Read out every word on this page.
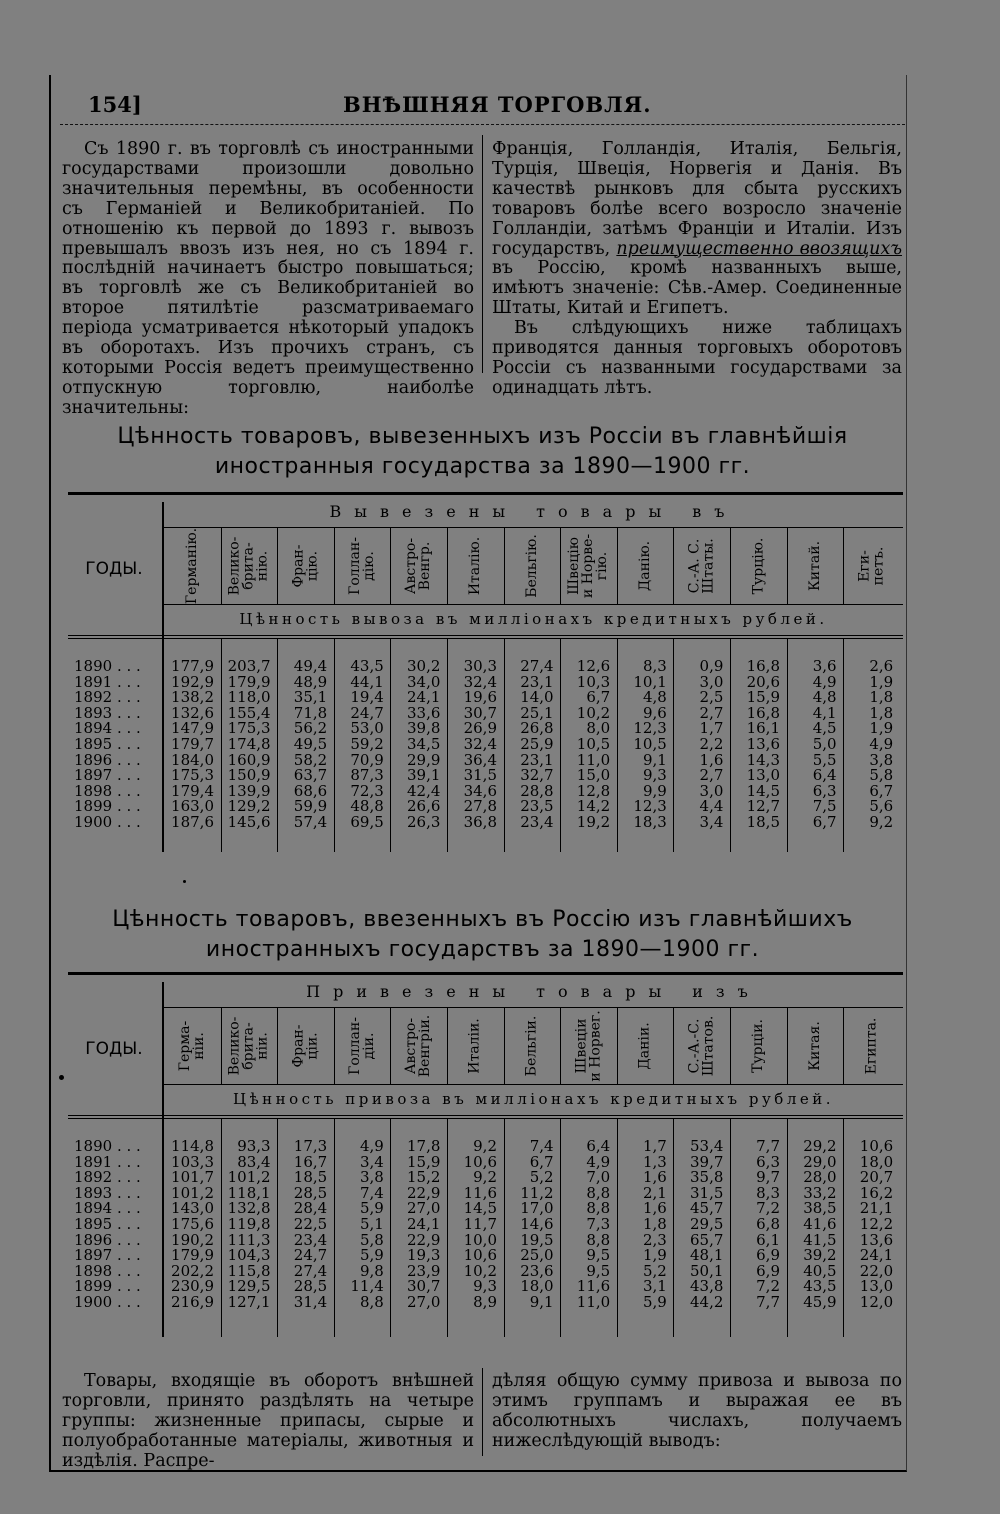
154]	ВНѢШНЯЯ ТОРГОВЛЯ.

Съ 1890 г. въ торговлѣ съ иностранными государствами произошли довольно значительныя перемѣны, въ особенности съ Германіей и Великобританіей. По отношенію къ первой до 1893 г. вывозъ превышалъ ввозъ изъ нея, но съ 1894 г. послѣдній начинаетъ быстро повышаться; въ торговлѣ же съ Великобританіей во второе пятилѣтіе разсматриваемаго періода усматривается нѣкоторый упадокъ въ оборотахъ. Изъ прочихъ странъ, съ которыми Россія ведетъ преимущественно отпускную торговлю, наиболѣе значительны:

Франція, Голландія, Италія, Бельгія, Турція, Швеція, Норвегія и Данія. Въ качествѣ рынковъ для сбыта русскихъ товаровъ болѣе всего возросло значеніе Голландіи, затѣмъ Франціи и Италіи. Изъ государствъ, преимущественно ввозящихъ въ Россію, кромѣ названныхъ выше, имѣютъ значеніе: Сѣв.-Амер. Соединенные Штаты, Китай и Египетъ.

Въ слѣдующихъ ниже таблицахъ приводятся данныя торговыхъ оборотовъ Россіи съ названными государствами за одинадцать лѣтъ.

Цѣнность товаровъ, вывезенныхъ изъ Россіи въ главнѣйшія иностранныя государства за 1890—1900 гг.
Вывезены товары въ
ГОДЫ.
Цѣнность вывоза въ милліонахъ кредитныхъ рублей.
1890 . . .
1891 . . .
1892 . . .
1893 . . .
1894 . . .
1895 . . .
1896 . . .
1897 . . .
1898 . . .
1899 . . .
1900 . . .
Германію.
177,9
192,9
138,2
132,6
147,9
179,7
184,0
175,3
179,4
163,0
187,6
Велико-
брита-
нію.
203,7
179,9
118,0
155,4
175,3
174,8
160,9
150,9
139,9
129,2
145,6
Фран-
цію.
49,4
48,9
35,1
71,8
56,2
49,5
58,2
63,7
68,6
59,9
57,4
Голлан-
дію.
43,5
44,1
19,4
24,7
53,0
59,2
70,9
87,3
72,3
48,8
69,5
Австро-
Венгр.
30,2
34,0
24,1
33,6
39,8
34,5
29,9
39,1
42,4
26,6
26,3
Италію.
30,3
32,4
19,6
30,7
26,9
32,4
36,4
31,5
34,6
27,8
36,8
Бельгію.
27,4
23,1
14,0
25,1
26,8
25,9
23,1
32,7
28,8
23,5
23,4
Швецію
и Норве-
гію.
12,6
10,3
6,7
10,2
8,0
10,5
11,0
15,0
12,8
14,2
19,2
Данію.
8,3
10,1
4,8
9,6
12,3
10,5
9,1
9,3
9,9
12,3
18,3
С.-А. С.
Штаты.
0,9
3,0
2,5
2,7
1,7
2,2
1,6
2,7
3,0
4,4
3,4
Турцію.
16,8
20,6
15,9
16,8
16,1
13,6
14,3
13,0
14,5
12,7
18,5
Китай.
3,6
4,9
4,8
4,1
4,5
5,0
5,5
6,4
6,3
7,5
6,7
Еги-
петъ.
2,6
1,9
1,8
1,8
1,9
4,9
3,8
5,8
6,7
5,6
9,2
Цѣнность товаровъ, ввезенныхъ въ Россію изъ главнѣйшихъ иностранныхъ государствъ за 1890—1900 гг.
Привезены товары изъ
ГОДЫ.
Цѣнность привоза въ милліонахъ кредитныхъ рублей.
1890 . . .
1891 . . .
1892 . . .
1893 . . .
1894 . . .
1895 . . .
1896 . . .
1897 . . .
1898 . . .
1899 . . .
1900 . . .
Герма-
ніи.
114,8
103,3
101,7
101,2
143,0
175,6
190,2
179,9
202,2
230,9
216,9
Велико-
брита-
ніи.
93,3
83,4
101,2
118,1
132,8
119,8
111,3
104,3
115,8
129,5
127,1
Фран-
ціи.
17,3
16,7
18,5
28,5
28,4
22,5
23,4
24,7
27,4
28,5
31,4
Голлан-
діи.
4,9
3,4
3,8
7,4
5,9
5,1
5,8
5,9
9,8
11,4
8,8
Австро-
Венгріи.
17,8
15,9
15,2
22,9
27,0
24,1
22,9
19,3
23,9
30,7
27,0
Италіи.
9,2
10,6
9,2
11,6
14,5
11,7
10,0
10,6
10,2
9,3
8,9
Бельгіи.
7,4
6,7
5,2
11,2
17,0
14,6
19,5
25,0
23,6
18,0
9,1
Швеціи
и Норвег.
6,4
4,9
7,0
8,8
8,8
7,3
8,8
9,5
9,5
11,6
11,0
Даніи.
1,7
1,3
1,6
2,1
1,6
1,8
2,3
1,9
5,2
3,1
5,9
С.-А.-С.
Штатов.
53,4
39,7
35,8
31,5
45,7
29,5
65,7
48,1
50,1
43,8
44,2
Турціи.
7,7
6,3
9,7
8,3
7,2
6,8
6,1
6,9
6,9
7,2
7,7
Китая.
29,2
29,0
28,0
33,2
38,5
41,6
41,5
39,2
40,5
43,5
45,9
Египта.
10,6
18,0
20,7
16,2
21,1
12,2
13,6
24,1
22,0
13,0
12,0

Товары, входящіе въ оборотъ внѣшней торговли, принято раздѣлять на четыре группы: жизненные припасы, сырые и полуобработанные матеріалы, животныя и издѣлія. Распре-

дѣляя общую сумму привоза и вывоза по этимъ группамъ и выражая ее въ абсолютныхъ числахъ, получаемъ нижеслѣдующій выводъ:
